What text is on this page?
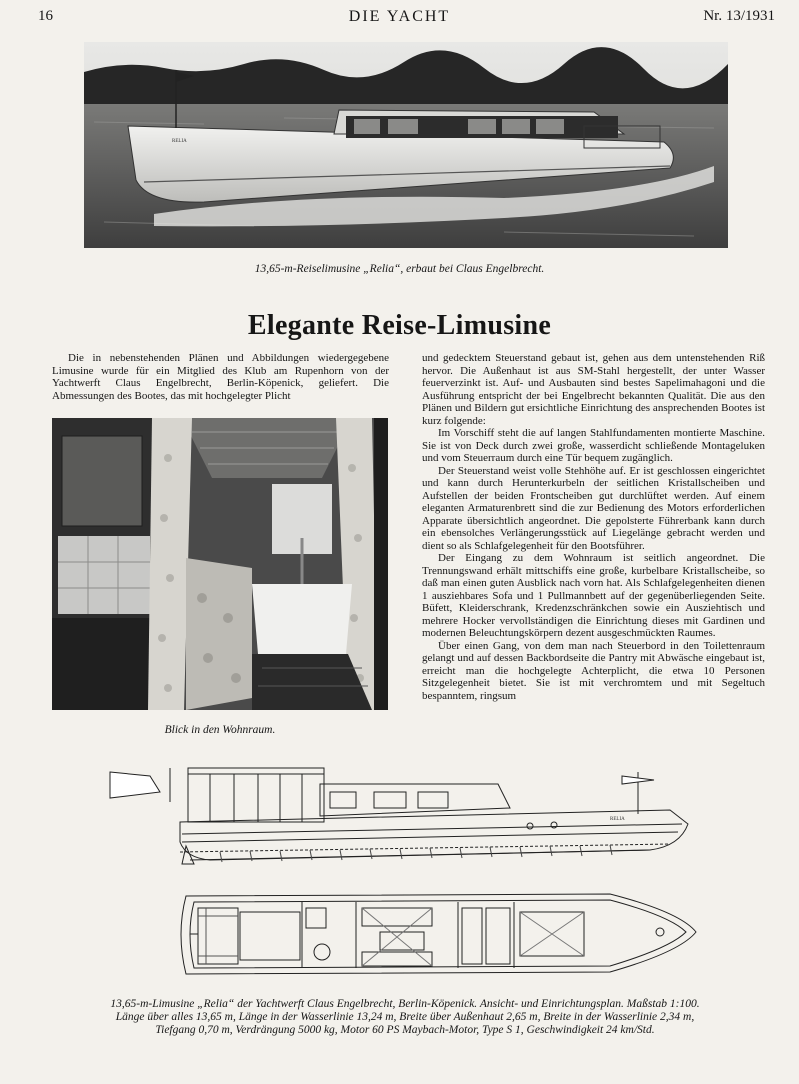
16	DIE YACHT	Nr. 13/1931
RELIA
13,65-m-Reiselimusine „Relia“, erbaut bei Claus Engelbrecht.
Elegante Reise-Limusine

Die in nebenstehenden Plänen und Abbildungen wiedergegebene Limusine wurde für ein Mitglied des Klub am Rupenhorn von der Yachtwerft Claus Engelbrecht, Berlin-Köpenick, geliefert. Die Abmessungen des Bootes, das mit hochgelegter Plicht

Blick in den Wohnraum.

und gedecktem Steuerstand gebaut ist, gehen aus dem untenstehenden Riß hervor. Die Außenhaut ist aus SM-Stahl hergestellt, der unter Wasser feuerverzinkt ist. Auf- und Ausbauten sind bestes Sapelimahagoni und die Ausführung entspricht der bei Engelbrecht bekannten Qualität. Die aus den Plänen und Bildern gut ersichtliche Einrichtung des ansprechenden Bootes ist kurz folgende:

Im Vorschiff steht die auf langen Stahlfundamenten montierte Maschine. Sie ist von Deck durch zwei große, wasserdicht schließende Montageluken und vom Steuerraum durch eine Tür bequem zugänglich.

Der Steuerstand weist volle Stehhöhe auf. Er ist geschlossen eingerichtet und kann durch Herunterkurbeln der seitlichen Kristallscheiben und Aufstellen der beiden Frontscheiben gut durchlüftet werden. Auf einem eleganten Armaturenbrett sind die zur Bedienung des Motors erforderlichen Apparate übersichtlich angeordnet. Die gepolsterte Führerbank kann durch ein ebensolches Verlängerungsstück auf Liegelänge gebracht werden und dient so als Schlafgelegenheit für den Bootsführer.

Der Eingang zu dem Wohnraum ist seitlich angeordnet. Die Trennungswand erhält mittschiffs eine große, kurbelbare Kristallscheibe, so daß man einen guten Ausblick nach vorn hat. Als Schlafgelegenheiten dienen 1 ausziehbares Sofa und 1 Pullmannbett auf der gegenüberliegenden Seite. Büfett, Kleiderschrank, Kredenzschränkchen sowie ein Ausziehtisch und mehrere Hocker vervollständigen die Einrichtung dieses mit Gardinen und modernen Beleuchtungskörpern dezent ausgeschmückten Raumes.

Über einen Gang, von dem man nach Steuerbord in den Toilettenraum gelangt und auf dessen Backbordseite die Pantry mit Abwäsche eingebaut ist, erreicht man die hochgelegte Achterplicht, die etwa 10 Personen Sitzgelegenheit bietet. Sie ist mit verchromtem und mit Segeltuch bespanntem, ringsum

RELIA
13,65-m-Limusine „Relia“ der Yachtwerft Claus Engelbrecht, Berlin-Köpenick. Ansicht- und Einrichtungsplan. Maßstab 1:100.
Länge über alles 13,65 m, Länge in der Wasserlinie 13,24 m, Breite über Außenhaut 2,65 m, Breite in der Wasserlinie 2,34 m,
Tiefgang 0,70 m, Verdrängung 5000 kg, Motor 60 PS Maybach-Motor, Type S 1, Geschwindigkeit 24 km/Std.
